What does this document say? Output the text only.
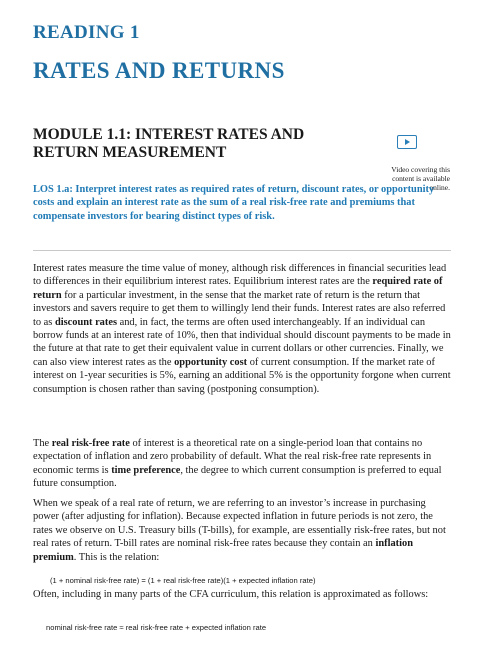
READING 1
RATES AND RETURNS
MODULE 1.1: INTEREST RATES AND RETURN MEASUREMENT
Video covering this content is available online.
LOS 1.a: Interpret interest rates as required rates of return, discount rates, or opportunity costs and explain an interest rate as the sum of a real risk-free rate and premiums that compensate investors for bearing distinct types of risk.
Interest rates measure the time value of money, although risk differences in financial securities lead to differences in their equilibrium interest rates. Equilibrium interest rates are the required rate of return for a particular investment, in the sense that the market rate of return is the return that investors and savers require to get them to willingly lend their funds. Interest rates are also referred to as discount rates and, in fact, the terms are often used interchangeably. If an individual can borrow funds at an interest rate of 10%, then that individual should discount payments to be made in the future at that rate to get their equivalent value in current dollars or other currencies. Finally, we can also view interest rates as the opportunity cost of current consumption. If the market rate of interest on 1-year securities is 5%, earning an additional 5% is the opportunity forgone when current consumption is chosen rather than saving (postponing consumption).
The real risk-free rate of interest is a theoretical rate on a single-period loan that contains no expectation of inflation and zero probability of default. What the real risk-free rate represents in economic terms is time preference, the degree to which current consumption is preferred to equal future consumption.
When we speak of a real rate of return, we are referring to an investor’s increase in purchasing power (after adjusting for inflation). Because expected inflation in future periods is not zero, the rates we observe on U.S. Treasury bills (T-bills), for example, are essentially risk-free rates, but not real rates of return. T-bill rates are nominal risk-free rates because they contain an inflation premium. This is the relation:
(1 + nominal risk-free rate) = (1 + real risk-free rate)(1 + expected inflation rate)
Often, including in many parts of the CFA curriculum, this relation is approximated as follows:
nominal risk-free rate ≈ real risk-free rate + expected inflation rate
